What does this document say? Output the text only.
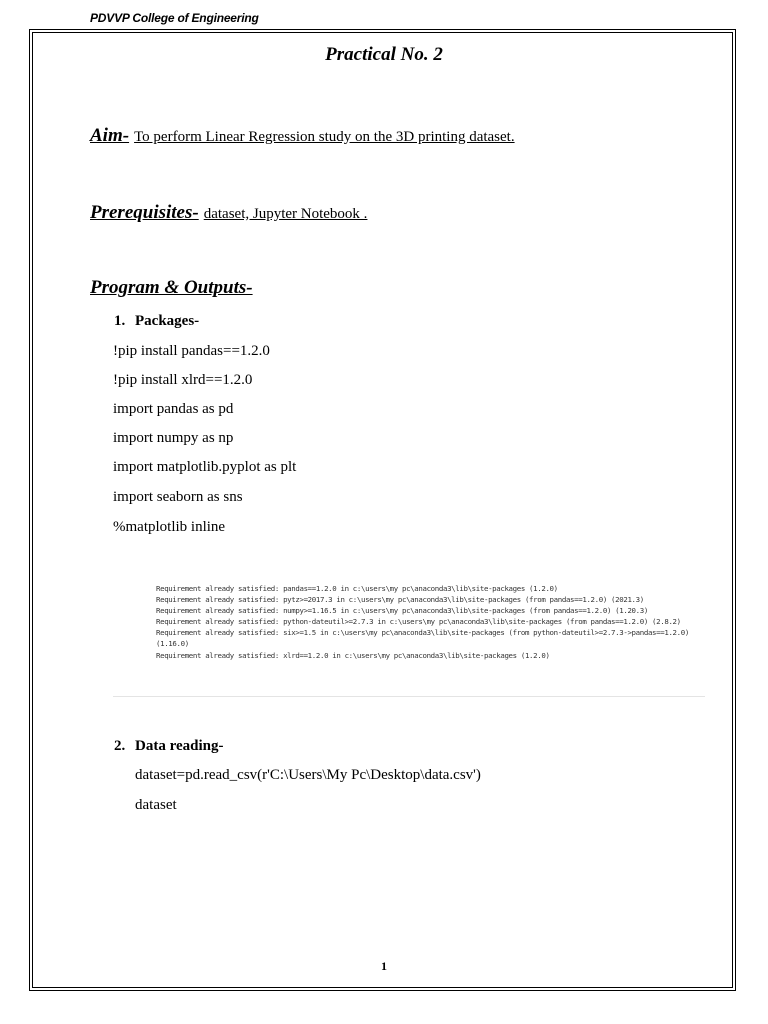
PDVVP College of Engineering
Practical No. 2
Aim- To perform Linear Regression study on the 3D printing dataset.
Prerequisites- dataset, Jupyter Notebook .
Program & Outputs-
1. Packages-
!pip install pandas==1.2.0
!pip install xlrd==1.2.0
import pandas as pd
import numpy as np
import matplotlib.pyplot as plt
import seaborn as sns
%matplotlib inline
Requirement already satisfied: pandas==1.2.0 in c:\users\my pc\anaconda3\lib\site-packages (1.2.0)
Requirement already satisfied: pytz>=2017.3 in c:\users\my pc\anaconda3\lib\site-packages (from pandas==1.2.0) (2021.3)
Requirement already satisfied: numpy>=1.16.5 in c:\users\my pc\anaconda3\lib\site-packages (from pandas==1.2.0) (1.20.3)
Requirement already satisfied: python-dateutil>=2.7.3 in c:\users\my pc\anaconda3\lib\site-packages (from pandas==1.2.0) (2.8.2)
Requirement already satisfied: six>=1.5 in c:\users\my pc\anaconda3\lib\site-packages (from python-dateutil>=2.7.3->pandas==1.2.0) (1.16.0)
Requirement already satisfied: xlrd==1.2.0 in c:\users\my pc\anaconda3\lib\site-packages (1.2.0)
2. Data reading-
dataset=pd.read_csv(r'C:\Users\My Pc\Desktop\data.csv')
dataset
1
